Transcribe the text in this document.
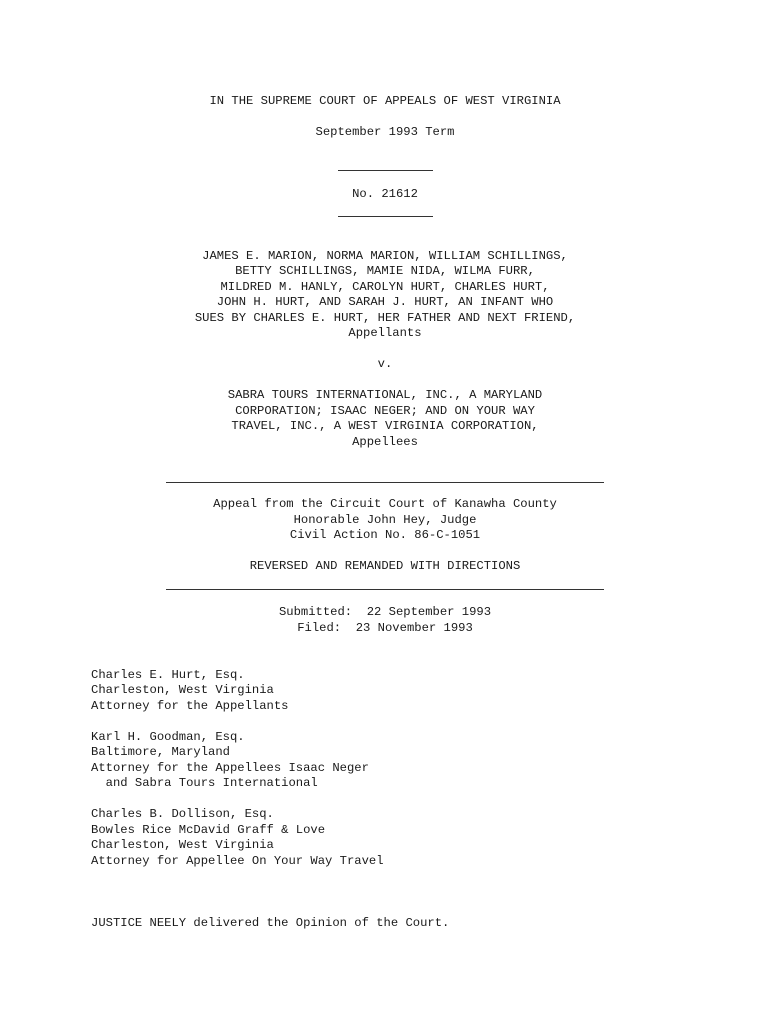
IN THE SUPREME COURT OF APPEALS OF WEST VIRGINIA
September 1993 Term
No. 21612
JAMES E. MARION, NORMA MARION, WILLIAM SCHILLINGS,
BETTY SCHILLINGS, MAMIE NIDA, WILMA FURR,
MILDRED M. HANLY, CAROLYN HURT, CHARLES HURT,
JOHN H. HURT, AND SARAH J. HURT, AN INFANT WHO
SUES BY CHARLES E. HURT, HER FATHER AND NEXT FRIEND,
Appellants
v.
SABRA TOURS INTERNATIONAL, INC., A MARYLAND
CORPORATION; ISAAC NEGER; AND ON YOUR WAY
TRAVEL, INC., A WEST VIRGINIA CORPORATION,
Appellees
Appeal from the Circuit Court of Kanawha County
Honorable John Hey, Judge
Civil Action No. 86-C-1051
REVERSED AND REMANDED WITH DIRECTIONS
Submitted:  22 September 1993
Filed:  23 November 1993
Charles E. Hurt, Esq.
Charleston, West Virginia
Attorney for the Appellants
Karl H. Goodman, Esq.
Baltimore, Maryland
Attorney for the Appellees Isaac Neger
and Sabra Tours International
Charles B. Dollison, Esq.
Bowles Rice McDavid Graff & Love
Charleston, West Virginia
Attorney for Appellee On Your Way Travel
JUSTICE NEELY delivered the Opinion of the Court.
